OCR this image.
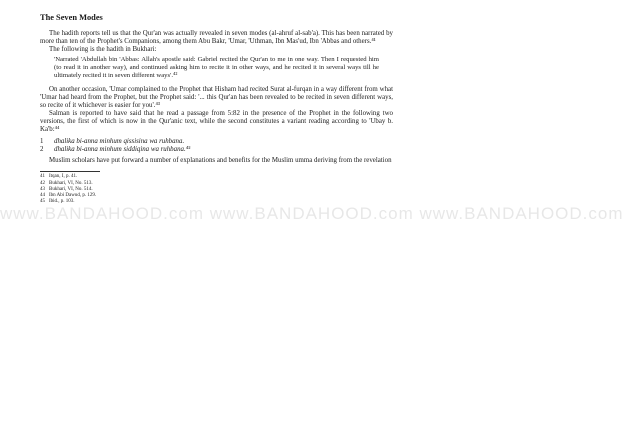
The Seven Modes

The hadith reports tell us that the Qur'an was actually revealed in seven modes (al-ahruf al-sab'a). This has been narrated by more than ten of the Prophet's Companions, among them Abu Bakr, 'Umar, 'Uthman, Ibn Mas'ud, Ibn 'Abbas and others.⁴¹

The following is the hadith in Bukhari:

'Narrated 'Abdullah bin 'Abbas: Allah's apostle said: Gabriel recited the Qur'an to me in one way. Then I requested him (to read it in another way), and continued asking him to recite it in other ways, and he recited it in several ways till he ultimately recited it in seven different ways'.⁴²

On another occasion, 'Umar complained to the Prophet that Hisham had recited Surat al-furqan in a way different from what 'Umar had heard from the Prophet, but the Prophet said: '... this Qur'an has been revealed to be recited in seven different ways, so recite of it whichever is easier for you'.⁴³

Salman is reported to have said that he read a passage from 5:82 in the presence of the Prophet in the following two versions, the first of which is now in the Qur'anic text, while the second constitutes a variant reading according to 'Ubay b. Ka'b:⁴⁴

1	dhalika bi-anna minhum qissisina wa ruhbana.
2	dhalika bi-anna minhum siddiqina wa ruhbana.⁴⁵

Muslim scholars have put forward a number of explanations and benefits for the Muslim umma deriving from the revelation

41 Itqan, I, p. 41.
42 Bukhari, VI, No. 513.
43 Bukhari, VI, No. 514.
44 Ibn Abi Dawud, p. 129.
45 Ibid., p. 103.
www.BANDAHOOD.com www.BANDAHOOD.com www.BANDAHOOD.com
